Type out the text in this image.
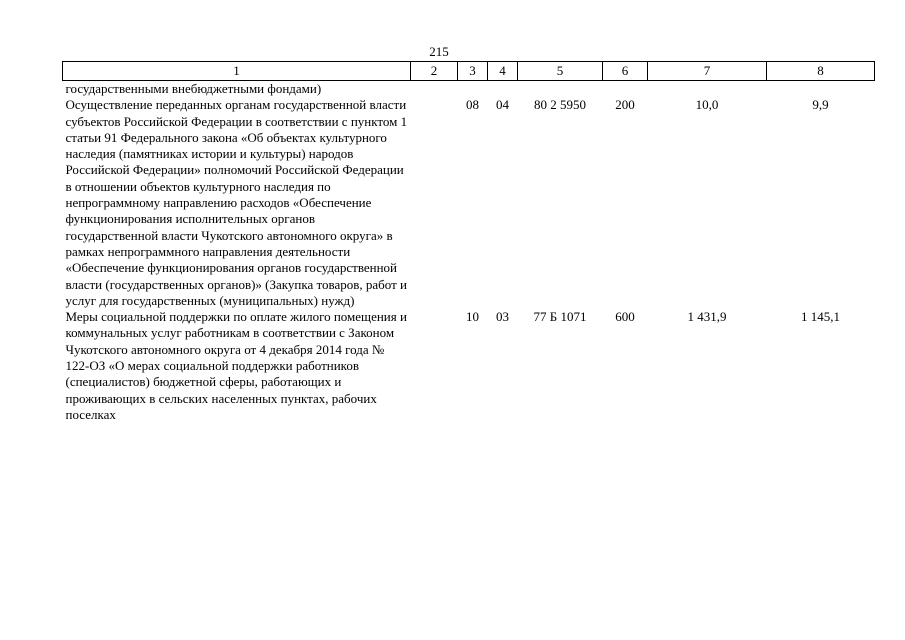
215
1	2	3	4	5	6	7	8
государственными внебюджетными фондами)							
Осуществление переданных органам государственной власти субъектов Российской Федерации в соответствии с пунктом 1 статьи 91 Федерального закона «Об объектах культурного наследия (памятниках истории и культуры) народов Российской Федерации» полномочий Российской Федерации в отношении объектов культурного наследия по непрограммному направлению расходов «Обеспечение функционирования исполнительных органов государственной власти Чукотского автономного округа» в рамках непрограммного направления деятельности «Обеспечение функционирования органов государственной власти (государственных органов)» (Закупка товаров, работ и услуг для государственных (муниципальных) нужд)		08	04	80 2 5950	200	10,0	9,9
Меры социальной поддержки по оплате жилого помещения и коммунальных услуг работникам в соответствии с Законом Чукотского автономного округа от 4 декабря 2014 года № 122-ОЗ «О мерах социальной поддержки работников (специалистов) бюджетной сферы, работающих и проживающих в сельских населенных пунктах, рабочих поселках		10	03	77 Б 1071	600	1 431,9	1 145,1
